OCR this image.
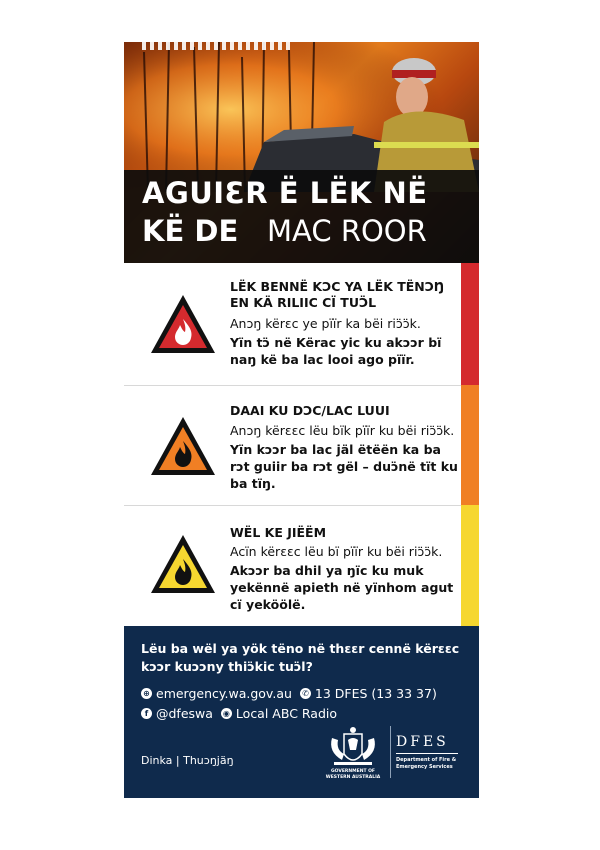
AGUIƐR Ë LËK NË
KË DE MAC ROOR
LËK BENNË KƆC YA LËK TËNƆŊ EN KÄ RILIIC CÏ TUƆ̈L
Anɔŋ kërɛc ye pïïr ka bëi riɔ̈ɔ̈k.
Yïn tɔ̈ në Kërac yic ku akɔɔr bï naŋ kë ba lac looi ago pïïr.
DAAI KU DƆC/LAC LUUI
Anɔŋ kërɛɛc lëu bïk pïïr ku bëi riɔ̈ɔ̈k.
Yïn kɔɔr ba lac jäl ëtëën ka ba rɔt guiir ba rɔt gël – duɔ̈në tït ku ba tïŋ.
WËL KE JIËËM
Acïn kërɛɛc lëu bï pïïr ku bëi riɔ̈ɔ̈k.
Akɔɔr ba dhil ya ŋïc ku muk yekënnë apieth në yïnhom agut cï yeköölë.
Lëu ba wël ya yök tëno në thɛɛr cennë kërɛɛc kɔɔr kuɔɔny thiɔ̈kic tuɔ̈l?
⊕ emergency.wa.gov.au ✆ 13 DFES (13 33 37)
f @dfeswa ◉ Local ABC Radio
Dinka | Thuɔŋjäŋ
GOVERNMENT OF WESTERN AUSTRALIA
DFES
Department of Fire & Emergency Services
